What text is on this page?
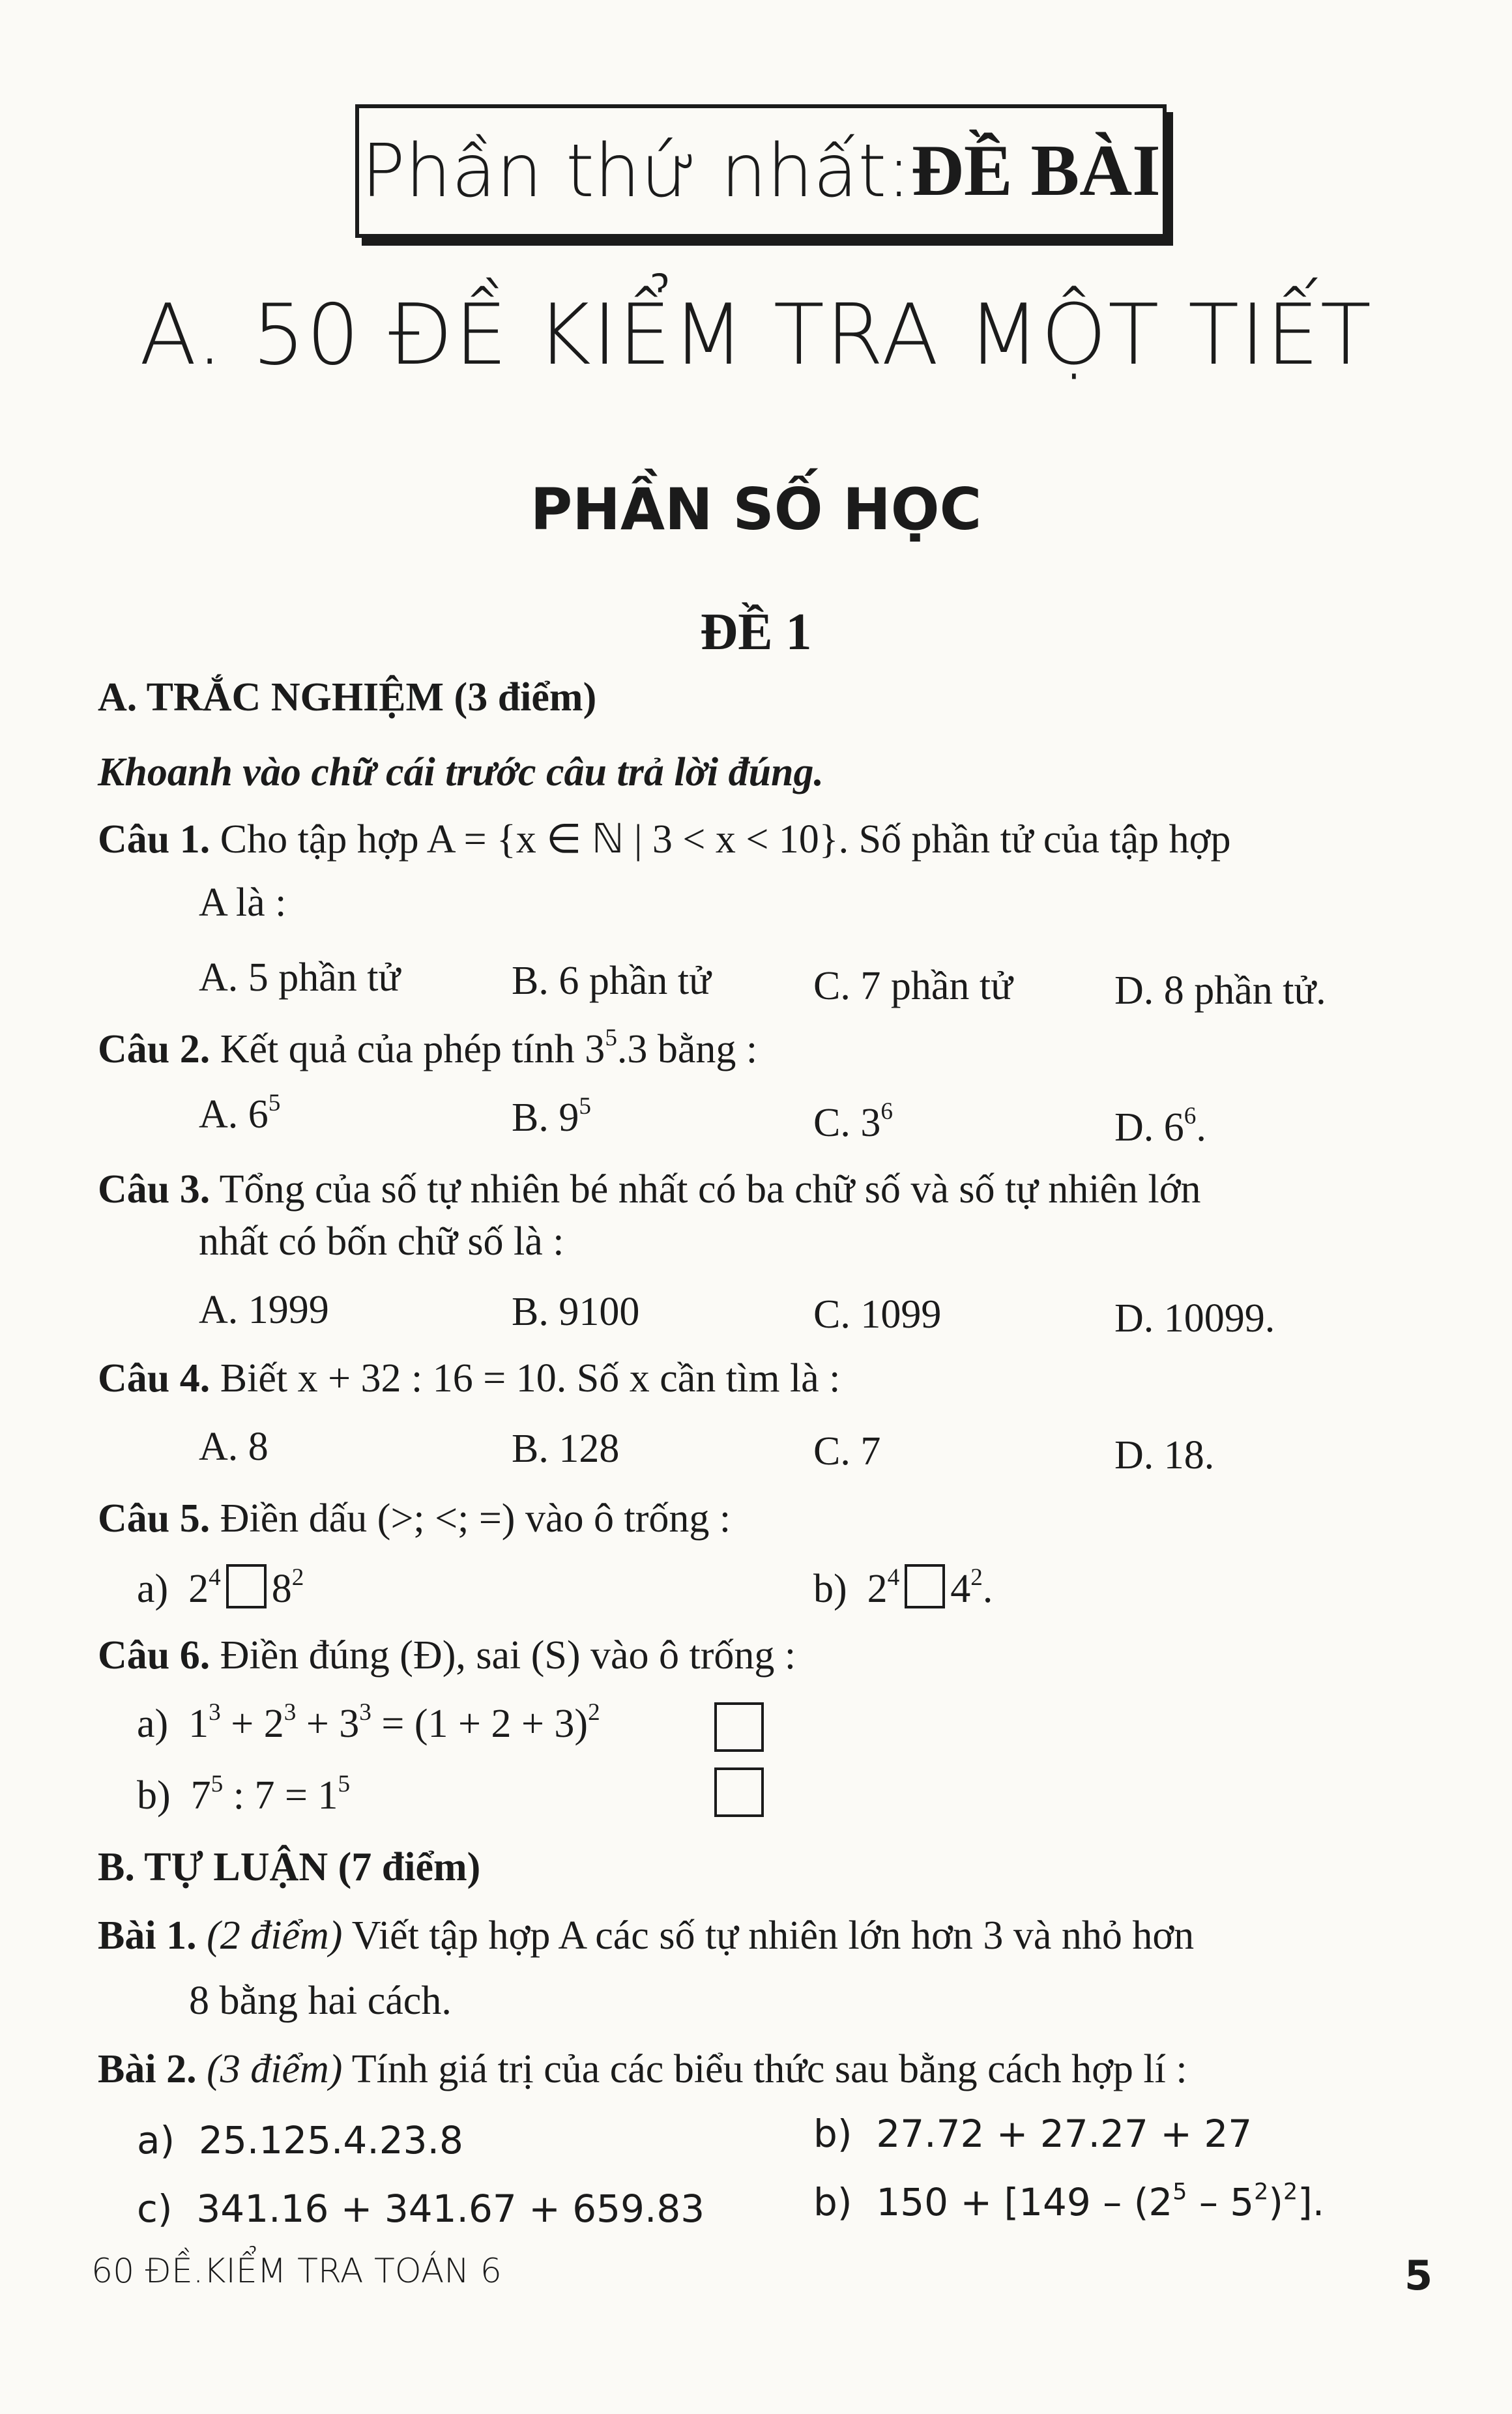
Phần thứ nhất: ĐỀ BÀI
A. 50 ĐỀ KIỂM TRA MỘT TIẾT
PHẦN SỐ HỌC
ĐỀ 1
A. TRẮC NGHIỆM (3 điểm)
Khoanh vào chữ cái trước câu trả lời đúng.
Câu 1. Cho tập hợp A = {x ∈ ℕ | 3 < x < 10}. Số phần tử của tập hợp
A là :
A. 5 phần tử	B. 6 phần tử	C. 7 phần tử	D. 8 phần tử.
Câu 2. Kết quả của phép tính $3^5.3$ bằng :
A. $6^5$	B. $9^5$	C. $3^6$	D. $6^6$.
Câu 3. Tổng của số tự nhiên bé nhất có ba chữ số và số tự nhiên lớn
nhất có bốn chữ số là :
A. 1999	B. 9100	C. 1099	D. 10099.
Câu 4. Biết x + 32 : 16 = 10. Số x cần tìm là :
A. 8	B. 128	C. 7	D. 18.
Câu 5. Điền dấu (>; <; =) vào ô trống :
a) $2^4$ $8^2$	b) $2^4$ $4^2$.
Câu 6. Điền đúng (Đ), sai (S) vào ô trống :
a) $1^3 + 2^3 + 3^3 = (1 + 2 + 3)^2$
b) $7^5$ : $7 = 1^5$
B. TỰ LUẬN (7 điểm)
Bài 1. (2 điểm) Viết tập hợp A các số tự nhiên lớn hơn 3 và nhỏ hơn
8 bằng hai cách.
Bài 2. (3 điểm) Tính giá trị của các biểu thức sau bằng cách hợp lí :
a) 25.125.4.23.8	b) 27.72 + 27.27 + 27
c) 341.16 + 341.67 + 659.83	b) $150 + [149 - (2^5 - 5^2)^2]$.
60 ĐỀ.KIỂM TRA TOÁN 6	5
